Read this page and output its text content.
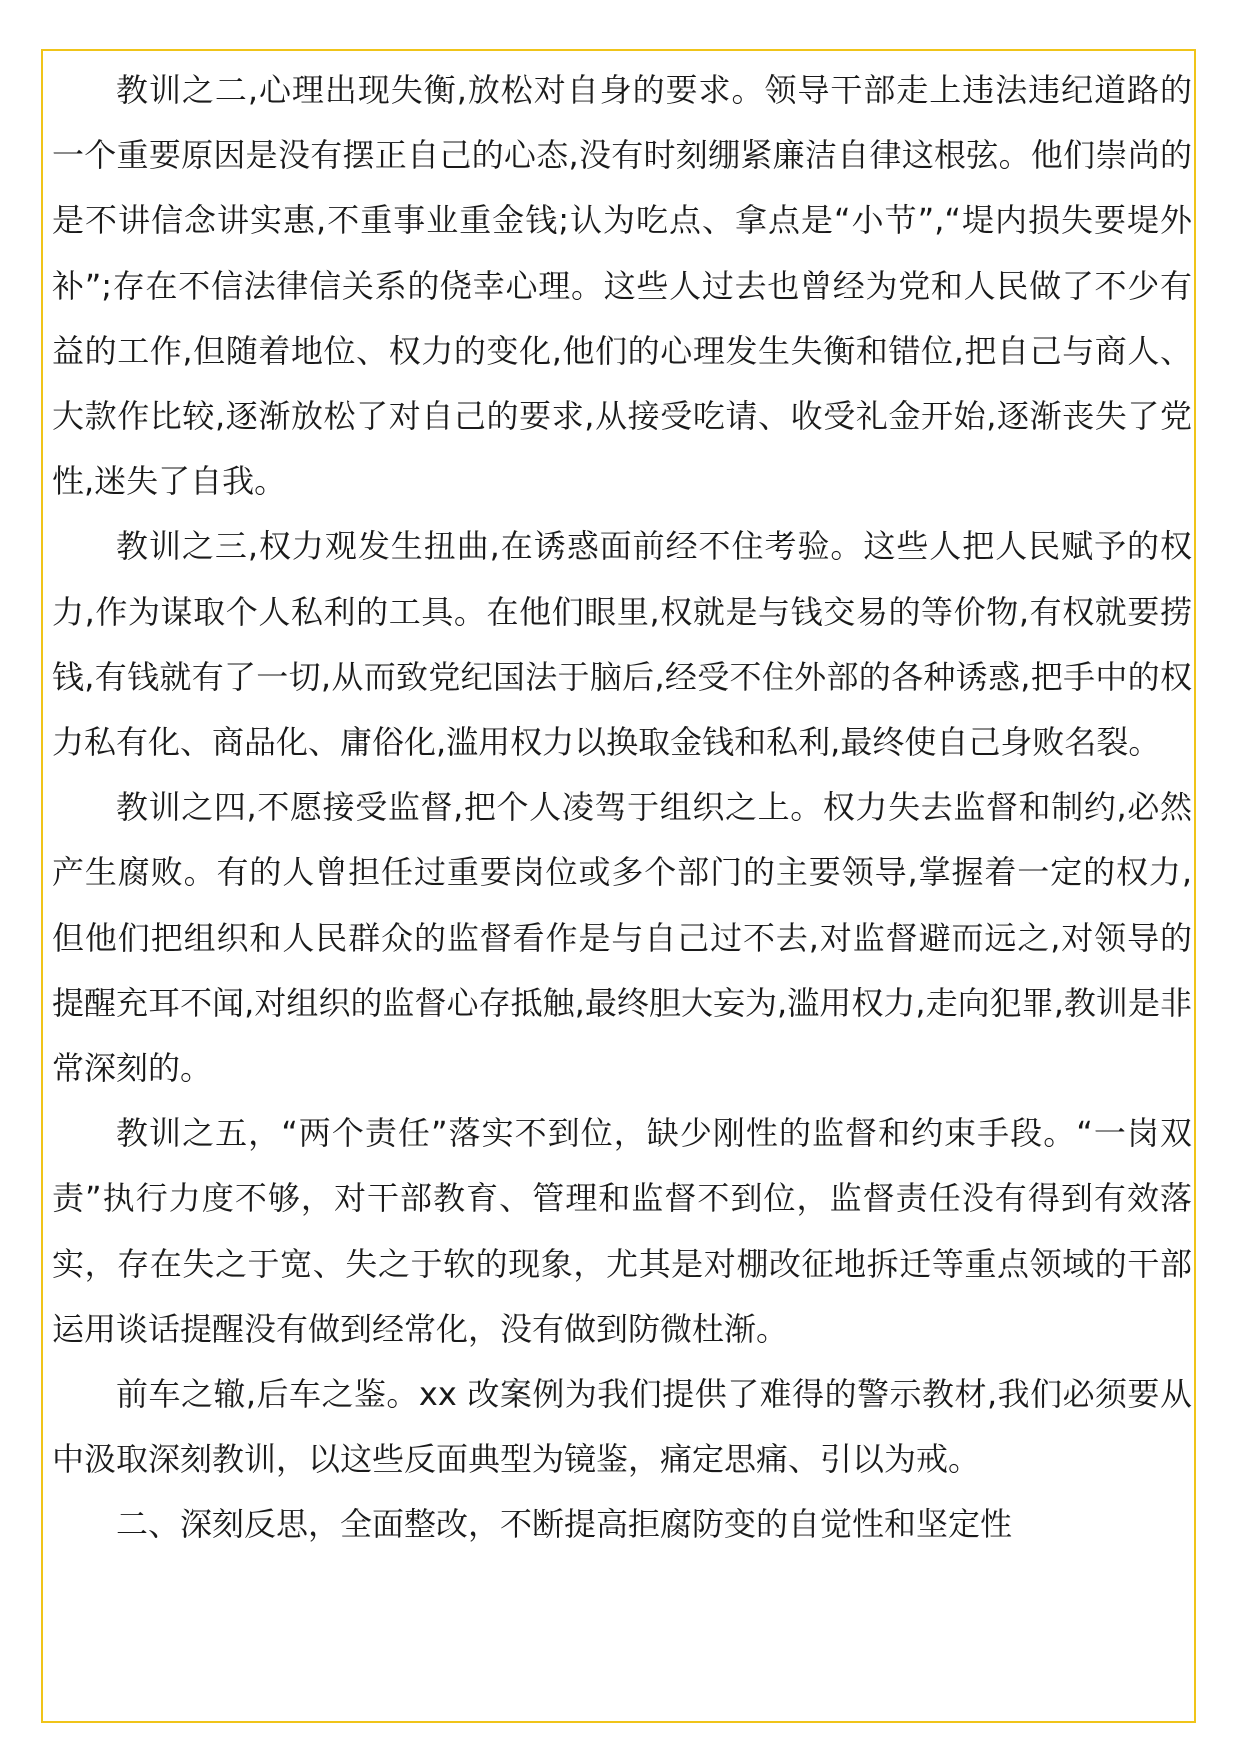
教训之二,心理出现失衡,放松对自身的要求。领导干部走上违法违纪道路的一个重要原因是没有摆正自己的心态,没有时刻绷紧廉洁自律这根弦。他们崇尚的是不讲信念讲实惠,不重事业重金钱;认为吃点、拿点是“小节”,“堤内损失要堤外补”;存在不信法律信关系的侥幸心理。这些人过去也曾经为党和人民做了不少有益的工作,但随着地位、权力的变化,他们的心理发生失衡和错位,把自己与商人、大款作比较,逐渐放松了对自己的要求,从接受吃请、收受礼金开始,逐渐丧失了党性,迷失了自我。

教训之三,权力观发生扭曲,在诱惑面前经不住考验。这些人把人民赋予的权力,作为谋取个人私利的工具。在他们眼里,权就是与钱交易的等价物,有权就要捞钱,有钱就有了一切,从而致党纪国法于脑后,经受不住外部的各种诱惑,把手中的权力私有化、商品化、庸俗化,滥用权力以换取金钱和私利,最终使自己身败名裂。

教训之四,不愿接受监督,把个人凌驾于组织之上。权力失去监督和制约,必然产生腐败。有的人曾担任过重要岗位或多个部门的主要领导,掌握着一定的权力,但他们把组织和人民群众的监督看作是与自己过不去,对监督避而远之,对领导的提醒充耳不闻,对组织的监督心存抵触,最终胆大妄为,滥用权力,走向犯罪,教训是非常深刻的。

教训之五，“两个责任”落实不到位，缺少刚性的监督和约束手段。“一岗双责”执行力度不够，对干部教育、管理和监督不到位，监督责任没有得到有效落实，存在失之于宽、失之于软的现象，尤其是对棚改征地拆迁等重点领域的干部运用谈话提醒没有做到经常化，没有做到防微杜渐。

前车之辙,后车之鉴。xx 改案例为我们提供了难得的警示教材,我们必须要从中汲取深刻教训，以这些反面典型为镜鉴，痛定思痛、引以为戒。

二、深刻反思，全面整改，不断提高拒腐防变的自觉性和坚定性
